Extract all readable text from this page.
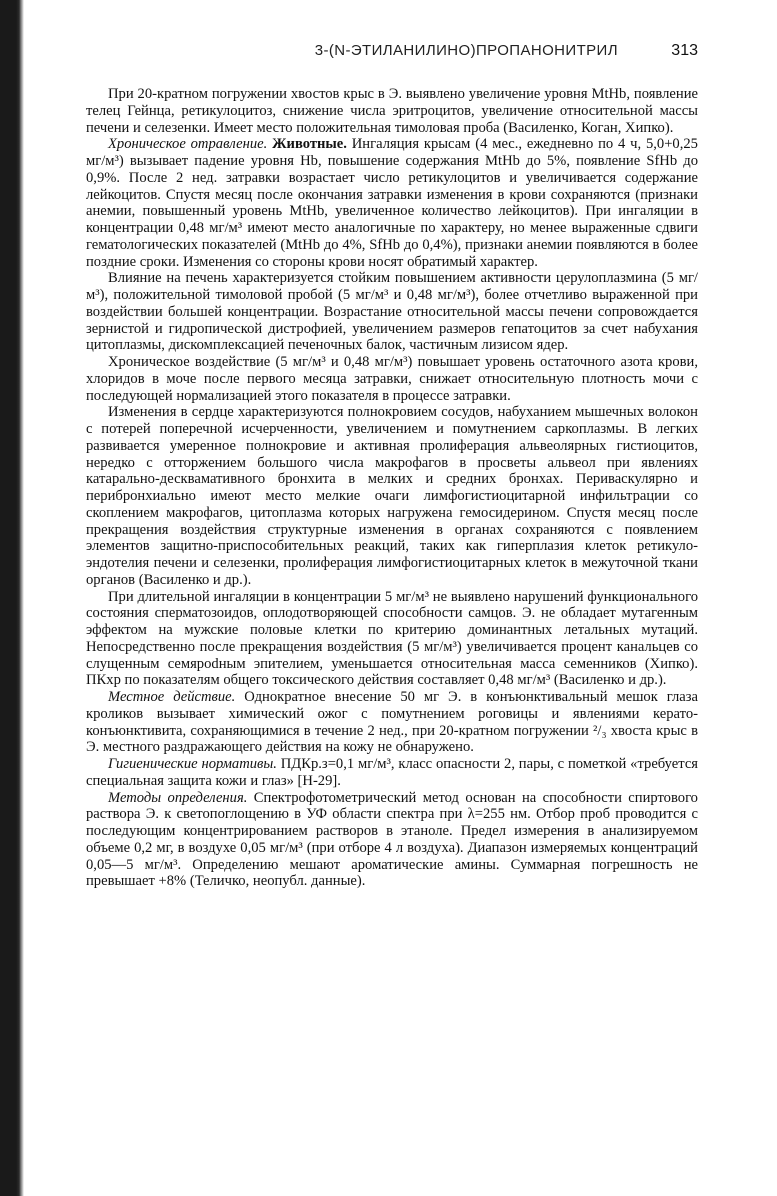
3-(N-ЭТИЛАНИЛИНО)ПРОПАНОНИТРИЛ	313

При 20-кратном погружении хвостов крыс в Э. выявлено увеличение уровня MtHb, появление телец Гейнца, ретикулоцитоз, снижение числа эритроцитов, увеличение относительной массы печени и селезенки. Имеет место положительная тимоловая проба (Василенко, Коган, Хипко).

Хроническое отравление. Животные. Ингаляция крысам (4 мес., ежедневно по 4 ч, 5,0+0,25 мг/м³) вызывает падение уровня Hb, повышение содержания MtHb до 5%, появление SfHb до 0,9%. После 2 нед. затравки возрастает число ретикулоцитов и увеличивается содержание лейкоцитов. Спустя месяц после окончания затравки изменения в крови сохраняются (признаки анемии, повышенный уровень MtHb, увеличенное количество лейкоцитов). При ингаляции в концентрации 0,48 мг/м³ имеют место аналогичные по характеру, но менее выраженные сдвиги гематологических показателей (MtHb до 4%, SfHb до 0,4%), признаки анемии появляются в более поздние сроки. Изменения со стороны крови носят обратимый характер.

Влияние на печень характеризуется стойким повышением активности церулоплазмина (5 мг/м³), положительной тимоловой пробой (5 мг/м³ и 0,48 мг/м³), более отчетливо выраженной при воздействии большей концентрации. Возрастание относительной массы печени сопровождается зернистой и гидропической дистрофией, увеличением размеров гепатоцитов за счет набухания цитоплазмы, дискомплексацией печеночных балок, частичным лизисом ядер.

Хроническое воздействие (5 мг/м³ и 0,48 мг/м³) повышает уровень остаточного азота крови, хлоридов в моче после первого месяца затравки, снижает относительную плотность мочи с последующей нормализацией этого показателя в процессе затравки.

Изменения в сердце характеризуются полнокровием сосудов, набуханием мышечных волокон с потерей поперечной исчерченности, увеличением и помутнением саркоплазмы. В легких развивается умеренное полнокровие и активная пролиферация альвеолярных гистиоцитов, нередко с отторжением большого числа макрофагов в просветы альвеол при явлениях катарально-десквамативного бронхита в мелких и средних бронхах. Периваскулярно и перибронхиально имеют место мелкие очаги лимфогистиоцитарной инфильтрации со скоплением макрофагов, цитоплазма которых нагружена гемосидерином. Спустя месяц после прекращения воздействия структурные изменения в органах сохраняются с появлением элементов защитно-приспособительных реакций, таких как гиперплазия клеток ретикуло-эндотелия печени и селезенки, пролиферация лимфогистиоцитарных клеток в межуточной ткани органов (Василенко и др.).

При длительной ингаляции в концентрации 5 мг/м³ не выявлено нарушений функционального состояния сперматозоидов, оплодотворяющей способности самцов. Э. не обладает мутагенным эффектом на мужские половые клетки по критерию доминантных летальных мутаций. Непосредственно после прекращения воздействия (5 мг/м³) увеличивается процент канальцев со слущенным семярodным эпителием, уменьшается относительная масса семенников (Хипко). ПКхр по показателям общего токсического действия составляет 0,48 мг/м³ (Василенко и др.).

Местное действие. Однократное внесение 50 мг Э. в конъюнктивальный мешок глаза кроликов вызывает химический ожог с помутнением роговицы и явлениями керато-конъюнктивита, сохраняющимися в течение 2 нед., при 20-кратном погружении ²/₃ хвоста крыс в Э. местного раздражающего действия на кожу не обнаружено.

Гигиенические нормативы. ПДКр.з=0,1 мг/м³, класс опасности 2, пары, с пометкой «требуется специальная защита кожи и глаз» [Н-29].

Методы определения. Спектрофотометрический метод основан на способности спиртового раствора Э. к светопоглощению в УФ области спектра при λ=255 нм. Отбор проб проводится с последующим концентрированием растворов в этаноле. Предел измерения в анализируемом объеме 0,2 мг, в воздухе 0,05 мг/м³ (при отборе 4 л воздуха). Диапазон измеряемых концентраций 0,05—5 мг/м³. Определению мешают ароматические амины. Суммарная погрешность не превышает +8% (Теличко, неопубл. данные).
